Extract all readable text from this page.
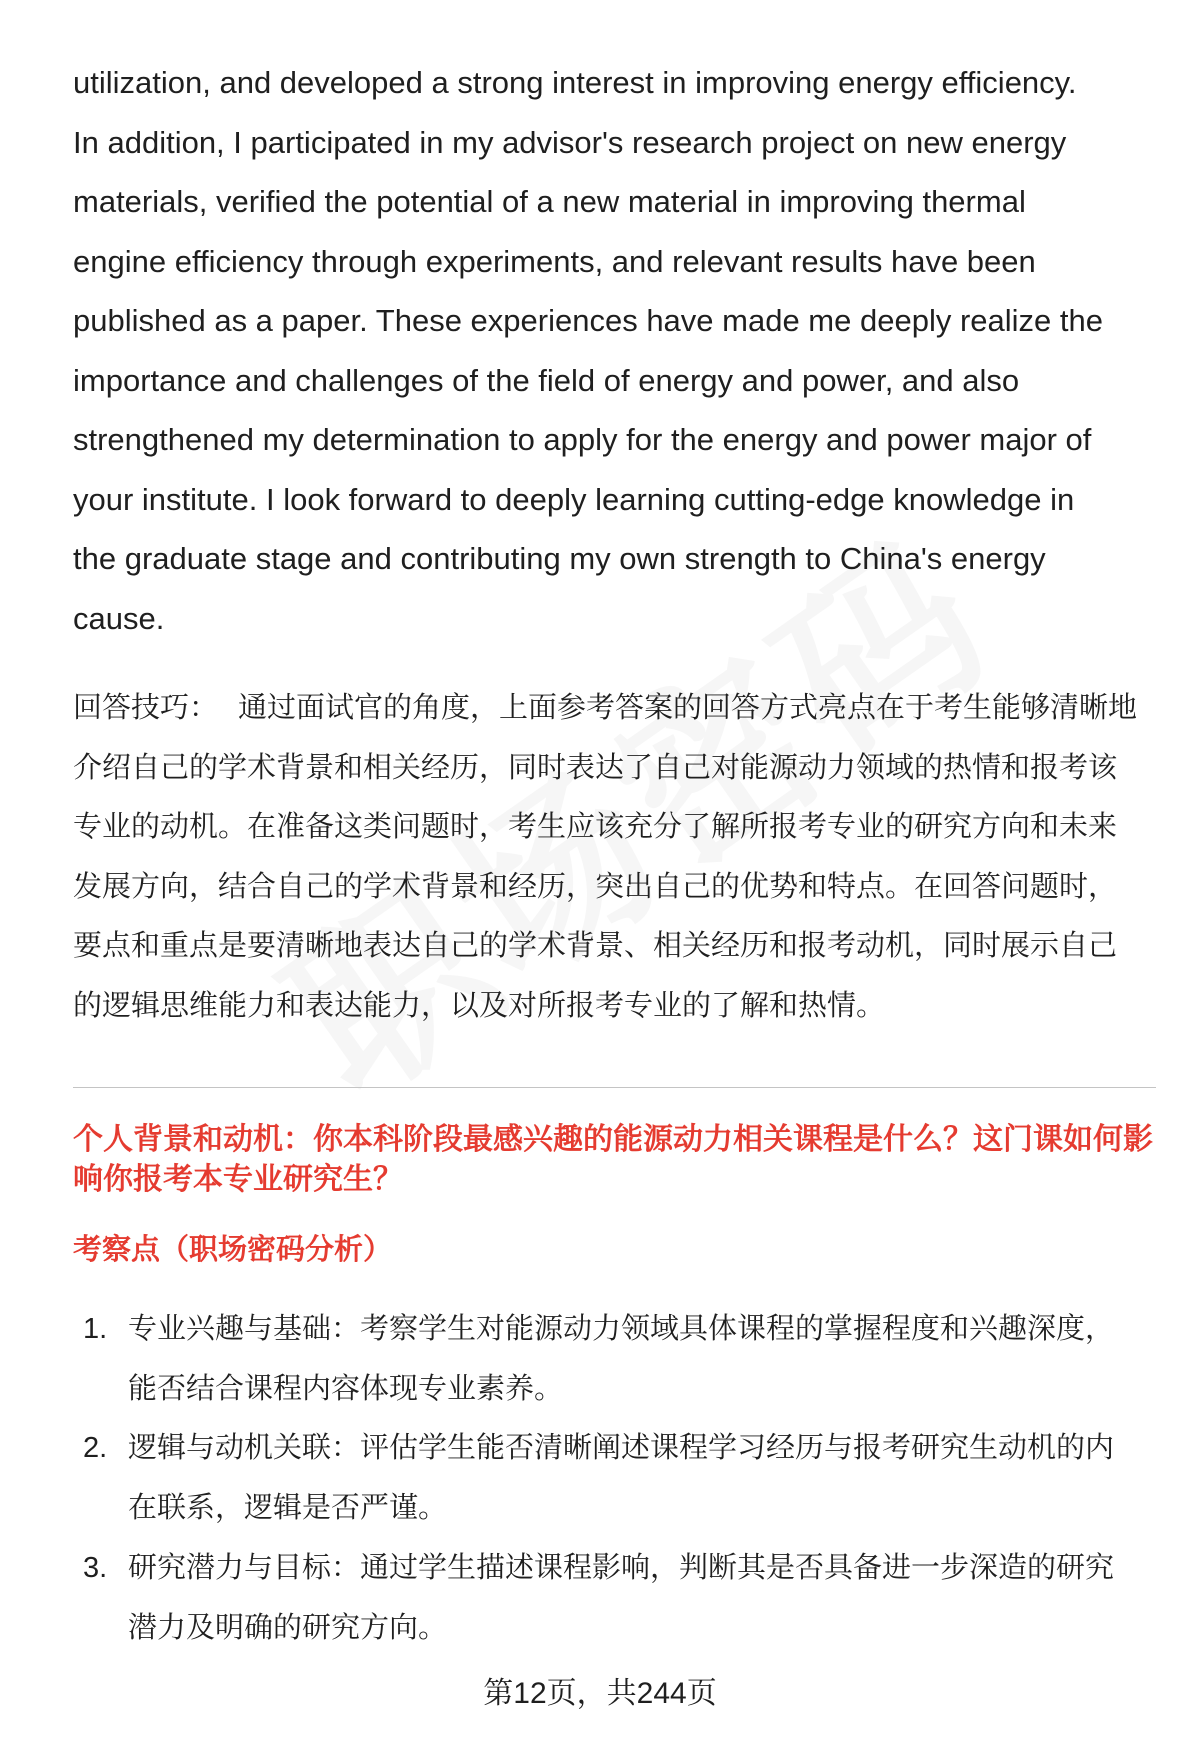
utilization, and developed a strong interest in improving energy efficiency.
In addition, I participated in my advisor's research project on new energy
materials, verified the potential of a new material in improving thermal
engine efficiency through experiments, and relevant results have been
published as a paper. These experiences have made me deeply realize the
importance and challenges of the field of energy and power, and also
strengthened my determination to apply for the energy and power major of
your institute. I look forward to deeply learning cutting-edge knowledge in
the graduate stage and contributing my own strength to China's energy
cause.
回答技巧： 通过面试官的角度，上面参考答案的回答方式亮点在于考生能够清晰地
介绍自己的学术背景和相关经历，同时表达了自己对能源动力领域的热情和报考该
专业的动机。在准备这类问题时，考生应该充分了解所报考专业的研究方向和未来
发展方向，结合自己的学术背景和经历，突出自己的优势和特点。在回答问题时，
要点和重点是要清晰地表达自己的学术背景、相关经历和报考动机，同时展示自己
的逻辑思维能力和表达能力，以及对所报考专业的了解和热情。
个人背景和动机：你本科阶段最感兴趣的能源动力相关课程是什么？这门课如何影
响你报考本专业研究生？
考察点（职场密码分析）
1. 专业兴趣与基础：考察学生对能源动力领域具体课程的掌握程度和兴趣深度，
能否结合课程内容体现专业素养。
2. 逻辑与动机关联：评估学生能否清晰阐述课程学习经历与报考研究生动机的内
在联系，逻辑是否严谨。
3. 研究潜力与目标：通过学生描述课程影响，判断其是否具备进一步深造的研究
潜力及明确的研究方向。
第12页，共244页
